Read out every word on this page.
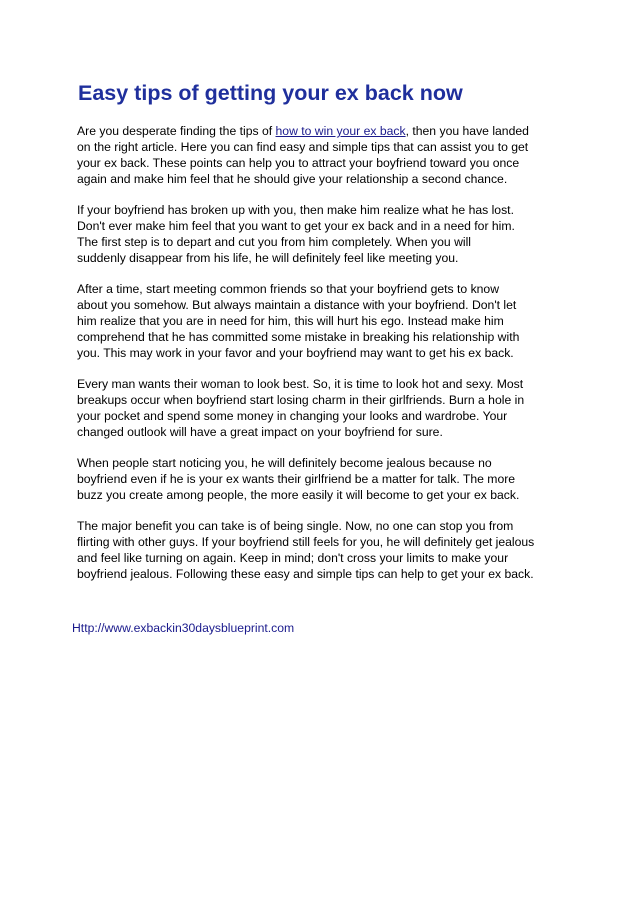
Easy tips of getting your ex back now

Are you desperate finding the tips of how to win your ex back, then you have landed
on the right article. Here you can find easy and simple tips that can assist you to get
your ex back. These points can help you to attract your boyfriend toward you once
again and make him feel that he should give your relationship a second chance.

If your boyfriend has broken up with you, then make him realize what he has lost.
Don't ever make him feel that you want to get your ex back and in a need for him.
The first step is to depart and cut you from him completely. When you will
suddenly disappear from his life, he will definitely feel like meeting you.

After a time, start meeting common friends so that your boyfriend gets to know
about you somehow. But always maintain a distance with your boyfriend. Don't let
him realize that you are in need for him, this will hurt his ego. Instead make him
comprehend that he has committed some mistake in breaking his relationship with
you. This may work in your favor and your boyfriend may want to get his ex back.

Every man wants their woman to look best. So, it is time to look hot and sexy. Most
breakups occur when boyfriend start losing charm in their girlfriends. Burn a hole in
your pocket and spend some money in changing your looks and wardrobe. Your
changed outlook will have a great impact on your boyfriend for sure.

When people start noticing you, he will definitely become jealous because no
boyfriend even if he is your ex wants their girlfriend be a matter for talk. The more
buzz you create among people, the more easily it will become to get your ex back.

The major benefit you can take is of being single. Now, no one can stop you from
flirting with other guys. If your boyfriend still feels for you, he will definitely get jealous
and feel like turning on again. Keep in mind; don't cross your limits to make your
boyfriend jealous. Following these easy and simple tips can help to get your ex back.

Http://www.exbackin30daysblueprint.com
